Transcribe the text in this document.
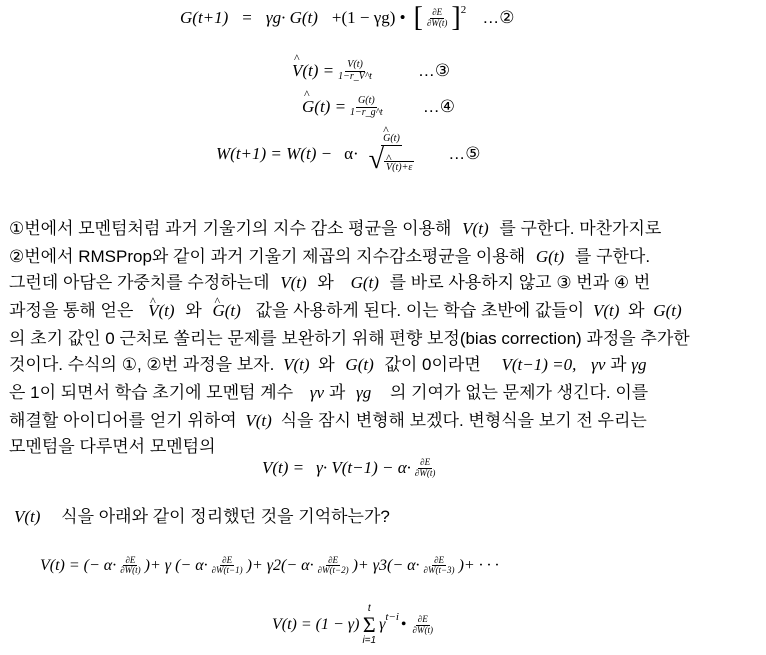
G(t+1) = γg· G(t) +(1 − γg) • [ $\frac{\partial E}{\partial W(t)}$ ] 2 …②
^ $V(t) = \frac{V(t)}{1-r\_V\^{}t}$	…③
^ $G(t) = \frac{G(t)}{1-r\_g\^{}t}$ …④
W(t+1) = W(t) − α·
^ G(t)
√
^ V(t)+ε …⑤
①번에서 모멘텀처럼 과거 기울기의 지수 감소 평균을 이용해 V(t) 를 구한다. 마찬가지로
②번에서 RMSProp와 같이 과거 기울기 제곱의 지수감소평균을 이용해 G(t) 를 구한다.
그런데 아담은 가중치를 수정하는데 V(t) 와 G(t) 를 바로 사용하지 않고 ③ 번과 ④ 번
과정을 통해 얻은 ^ V(t) 와 ^ G(t) 값을 사용하게 된다. 이는 학습 초반에 값들이 V(t) 와 G(t)
의 초기 값인 0 근처로 쏠리는 문제를 보완하기 위해 편향 보정(bias correction) 과정을 추가한
것이다. 수식의 ①, ②번 과정을 보자. V(t) 와 G(t) 값이 0이라면 V(t−1) =0, γv 과 γg
은 1이 되면서 학습 초기에 모멘텀 계수 γv 과 γg 의 기여가 없는 문제가 생긴다. 이를
해결할 아이디어를 얻기 위하여 V(t) 식을 잠시 변형해 보겠다. 변형식을 보기 전 우리는
모멘텀을 다루면서 모멘텀의
$V(t) = \gamma\cdot V(t-1) - \alpha\cdot \frac{\partial E}{\partial W(t)}$
V(t) 식을 아래와 같이 정리했던 것을 기억하는가?
V(t) = (− $\alpha\cdot \frac{\partial E}{\partial W(t)}$ )+ γ (− $\alpha\cdot \frac{\partial E}{\partial W(t-1)}$ )+ $\gamma 2(- \alpha\cdot \frac{\partial E}{\partial W(t-2)}$ )+ $\gamma 3(- \alpha\cdot \frac{\partial E}{\partial W(t-3)}$ )+ · · ·
V(t) = (1 − γ)
t
Σ
i=1
γ t−i • $\frac{\partial E}{\partial W(t)}$
